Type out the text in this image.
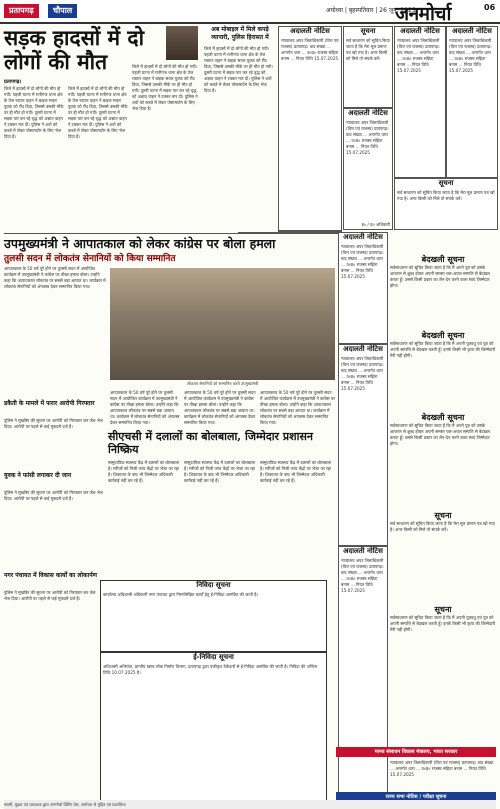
प्रतापगढ़	चौपाल	अयोध्या | बृहस्पतिवार | 26 जून, 2025
जनमोर्चा	06
सड़क हादसों में दो लोगों की मौत
प्रतापगढ़।
जिले में हादसों में दो लोगों की मौत हो गयी। पहली घटना में रानीगंज थाना क्षेत्र के तेज रफ्तार वाहन ने बाइक सवार युवक को रौंद दिया, जिससे उसकी मौके पर ही मौत हो गयी। दूसरी घटना में सड़क पार कर रहे वृद्ध को अज्ञात वाहन ने टक्कर मार दी। पुलिस ने शवों को कब्जे में लेकर पोस्टमार्टम के लिए भेज दिया है।
जिले में हादसों में दो लोगों की मौत हो गयी। पहली घटना में रानीगंज थाना क्षेत्र के तेज रफ्तार वाहन ने बाइक सवार युवक को रौंद दिया, जिससे उसकी मौके पर ही मौत हो गयी। दूसरी घटना में सड़क पार कर रहे वृद्ध को अज्ञात वाहन ने टक्कर मार दी। पुलिस ने शवों को कब्जे में लेकर पोस्टमार्टम के लिए भेज दिया है।
जिले में हादसों में दो लोगों की मौत हो गयी। पहली घटना में रानीगंज थाना क्षेत्र के तेज रफ्तार वाहन ने बाइक सवार युवक को रौंद दिया, जिससे उसकी मौके पर ही मौत हो गयी। दूसरी घटना में सड़क पार कर रहे वृद्ध को अज्ञात वाहन ने टक्कर मार दी। पुलिस ने शवों को कब्जे में लेकर पोस्टमार्टम के लिए भेज दिया है।
अब मोबाइल में मिले कपड़े व्यापारी, पुलिस हिरासत में
जिले में हादसों में दो लोगों की मौत हो गयी। पहली घटना में रानीगंज थाना क्षेत्र के तेज रफ्तार वाहन ने बाइक सवार युवक को रौंद दिया, जिससे उसकी मौके पर ही मौत हो गयी। दूसरी घटना में सड़क पार कर रहे वृद्ध को अज्ञात वाहन ने टक्कर मार दी। पुलिस ने शवों को कब्जे में लेकर पोस्टमार्टम के लिए भेज दिया है।
अदालती नोटिस
न्यायालय अपर जिलाधिकारी (वित्त एवं राजस्व) प्रतापगढ़। वाद संख्या ... अन्तर्गत धारा ... उ०प्र० राजस्व संहिता बनाम ... नियत तिथि 15.07.2025
सूचना
सर्व साधारण को सूचित किया जाता है कि मेरा मूल प्रमाण पत्र खो गया है। अगर किसी को मिले तो संपर्क करें।
अदालती नोटिस
न्यायालय अपर जिलाधिकारी (वित्त एवं राजस्व) प्रतापगढ़। वाद संख्या ... अन्तर्गत धारा ... उ०प्र० राजस्व संहिता बनाम ... नियत तिथि 15.07.2025
ह० / प्र० अधिकारी
अदालती नोटिस
न्यायालय अपर जिलाधिकारी (वित्त एवं राजस्व) प्रतापगढ़। वाद संख्या ... अन्तर्गत धारा ... उ०प्र० राजस्व संहिता बनाम ... नियत तिथि 15.07.2025
अदालती नोटिस
न्यायालय अपर जिलाधिकारी (वित्त एवं राजस्व) प्रतापगढ़। वाद संख्या ... अन्तर्गत धारा ... उ०प्र० राजस्व संहिता बनाम ... नियत तिथि 15.07.2025
सूचना
सर्व साधारण को सूचित किया जाता है कि मेरा मूल प्रमाण पत्र खो गया है। अगर किसी को मिले तो संपर्क करें।
उपमुख्यमंत्री ने आपातकाल को लेकर कांग्रेस पर बोला हमला
तुलसी सदन में लोकतंत्र सेनानियों को किया सम्मानित
आपातकाल के 50 वर्ष पूरे होने पर तुलसी सदन में आयोजित कार्यक्रम में उपमुख्यमंत्री ने कांग्रेस पर तीखा हमला बोला। उन्होंने कहा कि आपातकाल लोकतंत्र पर सबसे बड़ा आघात था। कार्यक्रम में लोकतंत्र सेनानियों को अंगवस्त्र देकर सम्मानित किया गया।
लोकतंत्र सेनानियों को सम्मानित करते उपमुख्यमंत्री
आपातकाल के 50 वर्ष पूरे होने पर तुलसी सदन में आयोजित कार्यक्रम में उपमुख्यमंत्री ने कांग्रेस पर तीखा हमला बोला। उन्होंने कहा कि आपातकाल लोकतंत्र पर सबसे बड़ा आघात था। कार्यक्रम में लोकतंत्र सेनानियों को अंगवस्त्र देकर सम्मानित किया गया।
आपातकाल के 50 वर्ष पूरे होने पर तुलसी सदन में आयोजित कार्यक्रम में उपमुख्यमंत्री ने कांग्रेस पर तीखा हमला बोला। उन्होंने कहा कि आपातकाल लोकतंत्र पर सबसे बड़ा आघात था। कार्यक्रम में लोकतंत्र सेनानियों को अंगवस्त्र देकर सम्मानित किया गया।
आपातकाल के 50 वर्ष पूरे होने पर तुलसी सदन में आयोजित कार्यक्रम में उपमुख्यमंत्री ने कांग्रेस पर तीखा हमला बोला। उन्होंने कहा कि आपातकाल लोकतंत्र पर सबसे बड़ा आघात था। कार्यक्रम में लोकतंत्र सेनानियों को अंगवस्त्र देकर सम्मानित किया गया।
डकैती के मामले में फरार आरोपी गिरफ्तार
पुलिस ने मुखबिर की सूचना पर आरोपी को गिरफ्तार कर जेल भेज दिया। आरोपी पर पहले से कई मुकदमे दर्ज हैं।
युवक ने फांसी लगाकर दी जान
पुलिस ने मुखबिर की सूचना पर आरोपी को गिरफ्तार कर जेल भेज दिया। आरोपी पर पहले से कई मुकदमे दर्ज हैं।
नगर पंचायत में विकास कार्यों का लोकार्पण
पुलिस ने मुखबिर की सूचना पर आरोपी को गिरफ्तार कर जेल भेज दिया। आरोपी पर पहले से कई मुकदमे दर्ज हैं।
सीएचसी में दलालों का बोलबाला, जिम्मेदार प्रशासन निष्क्रिय
सामुदायिक स्वास्थ्य केंद्र में दलालों का बोलबाला है। मरीजों को निजी जांच केंद्रों पर भेजा जा रहा है। शिकायत के बाद भी जिम्मेदार अधिकारी कार्रवाई नहीं कर रहे हैं।
सामुदायिक स्वास्थ्य केंद्र में दलालों का बोलबाला है। मरीजों को निजी जांच केंद्रों पर भेजा जा रहा है। शिकायत के बाद भी जिम्मेदार अधिकारी कार्रवाई नहीं कर रहे हैं।
सामुदायिक स्वास्थ्य केंद्र में दलालों का बोलबाला है। मरीजों को निजी जांच केंद्रों पर भेजा जा रहा है। शिकायत के बाद भी जिम्मेदार अधिकारी कार्रवाई नहीं कर रहे हैं।
निविदा सूचना
कार्यालय अधिशासी अधिकारी नगर पंचायत द्वारा निम्नलिखित कार्यों हेतु ई-निविदा आमंत्रित की जाती है।
ई-निविदा सूचना
अधिशासी अभियंता, प्रान्तीय खण्ड लोक निर्माण विभाग, प्रतापगढ़ द्वारा पंजीकृत ठेकेदारों से ई-निविदा आमंत्रित की जाती है। निविदा की अन्तिम तिथि 10.07.2025 है।
अदालती नोटिस
न्यायालय अपर जिलाधिकारी (वित्त एवं राजस्व) प्रतापगढ़। वाद संख्या ... अन्तर्गत धारा ... उ०प्र० राजस्व संहिता बनाम ... नियत तिथि 15.07.2025
अदालती नोटिस
न्यायालय अपर जिलाधिकारी (वित्त एवं राजस्व) प्रतापगढ़। वाद संख्या ... अन्तर्गत धारा ... उ०प्र० राजस्व संहिता बनाम ... नियत तिथि 15.07.2025
अदालती नोटिस
न्यायालय अपर जिलाधिकारी (वित्त एवं राजस्व) प्रतापगढ़। वाद संख्या ... अन्तर्गत धारा ... उ०प्र० राजस्व संहिता बनाम ... नियत तिथि 15.07.2025
बेदखली सूचना
सर्वसाधारण को सूचित किया जाता है कि मैं अपने पुत्र को उसके आचरण से क्षुब्ध होकर अपनी समस्त चल-अचल सम्पत्ति से बेदखल करता हूँ। उससे किसी प्रकार का लेन-देन करने वाला स्वयं जिम्मेदार होगा।
बेदखली सूचना
सर्वसाधारण को सूचित किया जाता है कि मैं अपनी पुत्रवधू एवं पुत्र को अपनी सम्पत्ति से बेदखल करती हूँ। इनके किसी भी कृत्य की जिम्मेदारी मेरी नहीं होगी।
बेदखली सूचना
सर्वसाधारण को सूचित किया जाता है कि मैं अपने पुत्र को उसके आचरण से क्षुब्ध होकर अपनी समस्त चल-अचल सम्पत्ति से बेदखल करता हूँ। उससे किसी प्रकार का लेन-देन करने वाला स्वयं जिम्मेदार होगा।
सूचना
सर्व साधारण को सूचित किया जाता है कि मेरा मूल प्रमाण पत्र खो गया है। अगर किसी को मिले तो संपर्क करें।
सूचना
सर्वसाधारण को सूचित किया जाता है कि मैं अपनी पुत्रवधू एवं पुत्र को अपनी सम्पत्ति से बेदखल करती हूँ। इनके किसी भी कृत्य की जिम्मेदारी मेरी नहीं होगी।
मानव संसाधन विकास मंत्रालय, भारत सरकार
न्यायालय अपर जिलाधिकारी (वित्त एवं राजस्व) प्रतापगढ़। वाद संख्या ... अन्तर्गत धारा ... उ०प्र० राजस्व संहिता बनाम ... नियत तिथि 15.07.2025
राज्य सभा नोटिस / परीक्षा सूचना
स्वामी, मुद्रक एवं प्रकाशक द्वारा जनमोर्चा प्रिंटिंग प्रेस, अयोध्या से मुद्रित एवं प्रकाशित।
